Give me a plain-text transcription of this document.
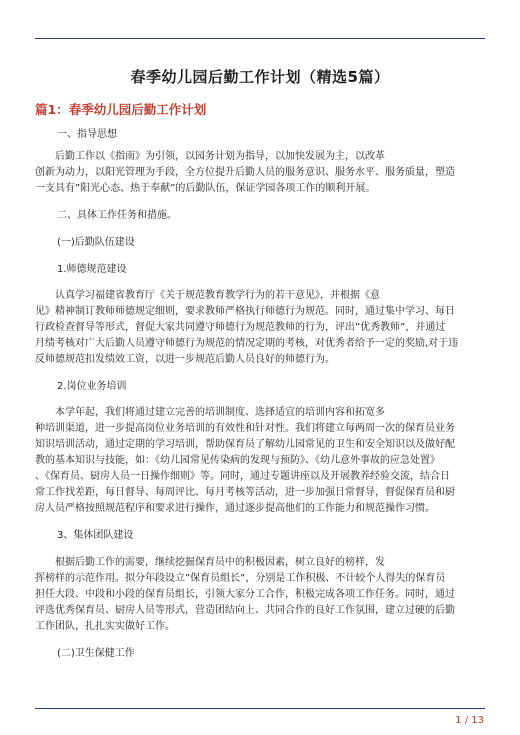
春季幼儿园后勤工作计划（精选5篇）
篇1：春季幼儿园后勤工作计划
一、指导思想
后勤工作以《指南》为引领，以园务计划为指导，以加快发展为主，以改革
创新为动力，以阳光管理为手段，全方位提升后勤人员的服务意识、服务水平、服务质量，塑造
一支具有”阳光心态、热于奉献”的后勤队伍，保证学园各项工作的顺利开展。
二、具体工作任务和措施。
(一)后勤队伍建设
1.师德规范建设
认真学习福建省教育厅《关于规范教育教学行为的若干意见》，并根据《意
见》精神制订教师师德规定细则，要求教师严格执行师德行为规范。同时，通过集中学习、每日
行政检查督导等形式，督促大家共同遵守师德行为规范教师的行为，评出”优秀教师”，并通过
月绩考核对广大后勤人员遵守师德行为规范的情况定期的考核，对优秀者给予一定的奖励,对于违
反师德规范扣发绩效工资，以进一步规范后勤人员良好的师德行为。
2.岗位业务培训
本学年起，我们将通过建立完善的培训制度、选择适宜的培训内容和拓宽多
种培训渠道，进一步提高岗位业务培训的有效性和针对性。我们将建立每两周一次的保育员业务
知识培训活动，通过定期的学习培训，帮助保育员了解幼儿园常见的卫生和安全知识以及做好配
教的基本知识与技能，如：《幼儿园常见传染病的发现与预防》、《幼儿意外事故的应急处置》
、《保育员、厨房人员一日操作细则》等。同时，通过专题讲座以及开展教养经验交流，结合日
常工作找差距，每日督导、每周评比、每月考核等活动，进一步加强日常督导，督促保育员和厨
房人员严格按照规范程序和要求进行操作，通过逐步提高他们的工作能力和规范操作习惯。
3、集体团队建设
根据后勤工作的需要，继续挖掘保育员中的积极因素，树立良好的榜样，发
挥榜样的示范作用。拟分年段设立”保育员组长”，分别是工作积极、不计较个人得失的保育员
担任大段、中段和小段的保育员组长，引领大家分工合作，积极完成各项工作任务。同时，通过
评选优秀保育员、厨房人员等形式，营造团结向上、共同合作的良好工作氛围，建立过硬的后勤
工作团队，扎扎实实做好工作。
(二)卫生保健工作
1 / 13
